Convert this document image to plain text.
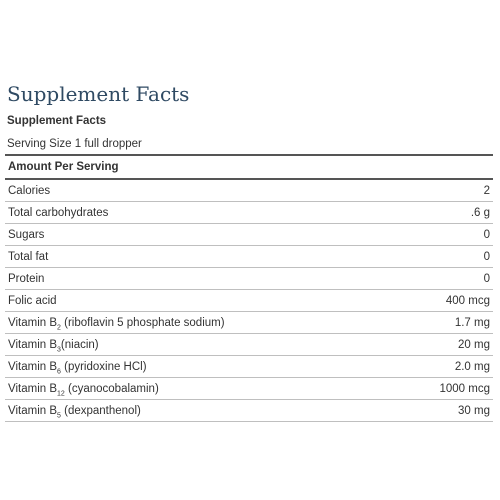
Supplement Facts
Supplement Facts
Serving Size 1 full dropper
Amount Per Serving	
Calories	2
Total carbohydrates	.6 g
Sugars	0
Total fat	0
Protein	0
Folic acid	400 mcg
Vitamin $B_2$ (riboflavin 5 phosphate sodium)	1.7 mg
Vitamin $B_3(niacin)$	20 mg
Vitamin $B_6$ (pyridoxine HCl)	2.0 mg
Vitamin $B_{12}$ (cyanocobalamin)	1000 mcg
Vitamin $B_5$ (dexpanthenol)	30 mg
